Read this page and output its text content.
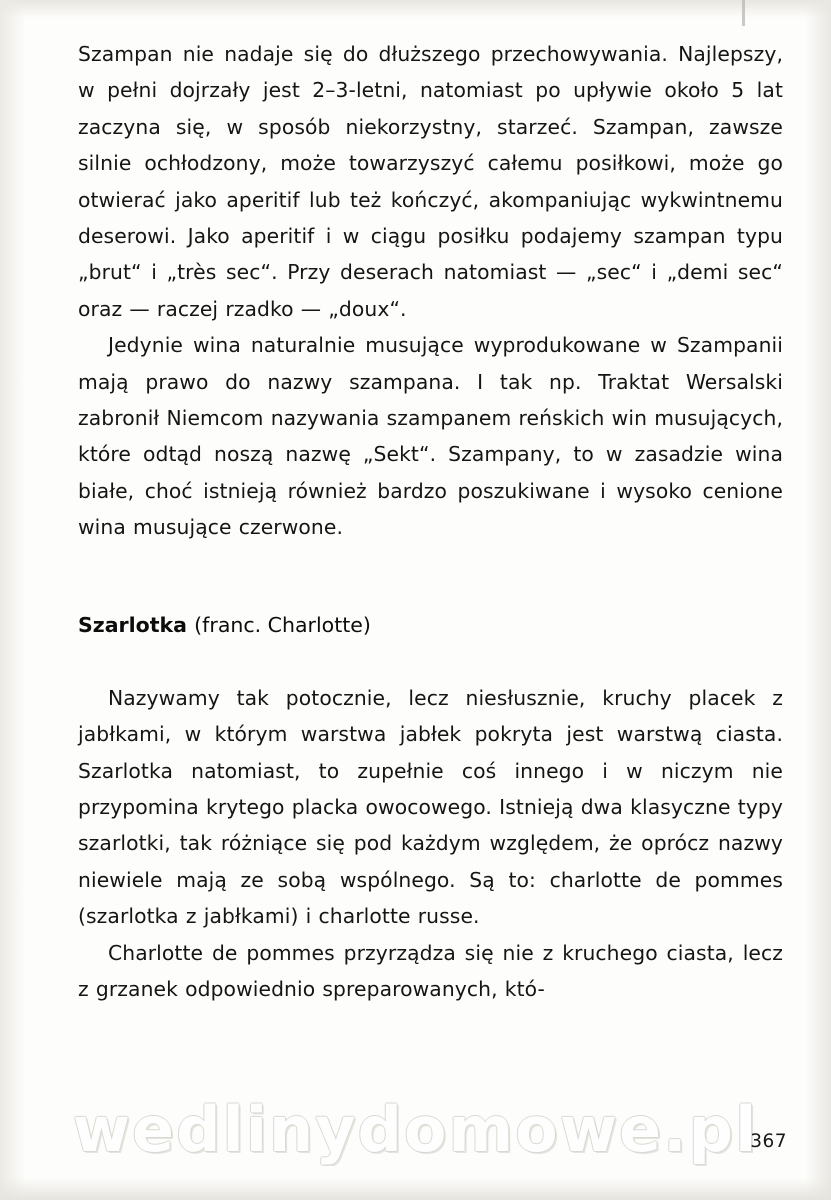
Szampan nie nadaje się do dłuższego przechowywania. Najlepszy, w pełni dojrzały jest 2–3-letni, natomiast po upływie około 5 lat zaczyna się, w sposób niekorzystny, starzeć. Szampan, zawsze silnie ochłodzony, może towarzyszyć całemu posiłkowi, może go otwierać jako aperitif lub też kończyć, akompaniując wykwintnemu deserowi. Jako aperitif i w ciągu posiłku podajemy szampan typu „brut“ i „très sec“. Przy deserach natomiast — „sec“ i „demi sec“ oraz — raczej rzadko — „doux“.

Jedynie wina naturalnie musujące wyprodukowane w Szampanii mają prawo do nazwy szampana. I tak np. Traktat Wersalski zabronił Niemcom nazywania szampanem reńskich win musujących, które odtąd noszą nazwę „Sekt“. Szampany, to w zasadzie wina białe, choć istnieją również bardzo poszukiwane i wysoko cenione wina musujące czerwone.

Szarlotka (franc. Charlotte)

Nazywamy tak potocznie, lecz niesłusznie, kruchy placek z jabłkami, w którym warstwa jabłek pokryta jest warstwą ciasta. Szarlotka natomiast, to zupełnie coś innego i w niczym nie przypomina krytego placka owocowego. Istnieją dwa klasyczne typy szarlotki, tak różniące się pod każdym względem, że oprócz nazwy niewiele mają ze sobą wspólnego. Są to: charlotte de pommes (szarlotka z jabłkami) i charlotte russe.

Charlotte de pommes przyrządza się nie z kruchego ciasta, lecz z grzanek odpowiednio spreparowanych, któ-

wedlinydomowe.pl
367
